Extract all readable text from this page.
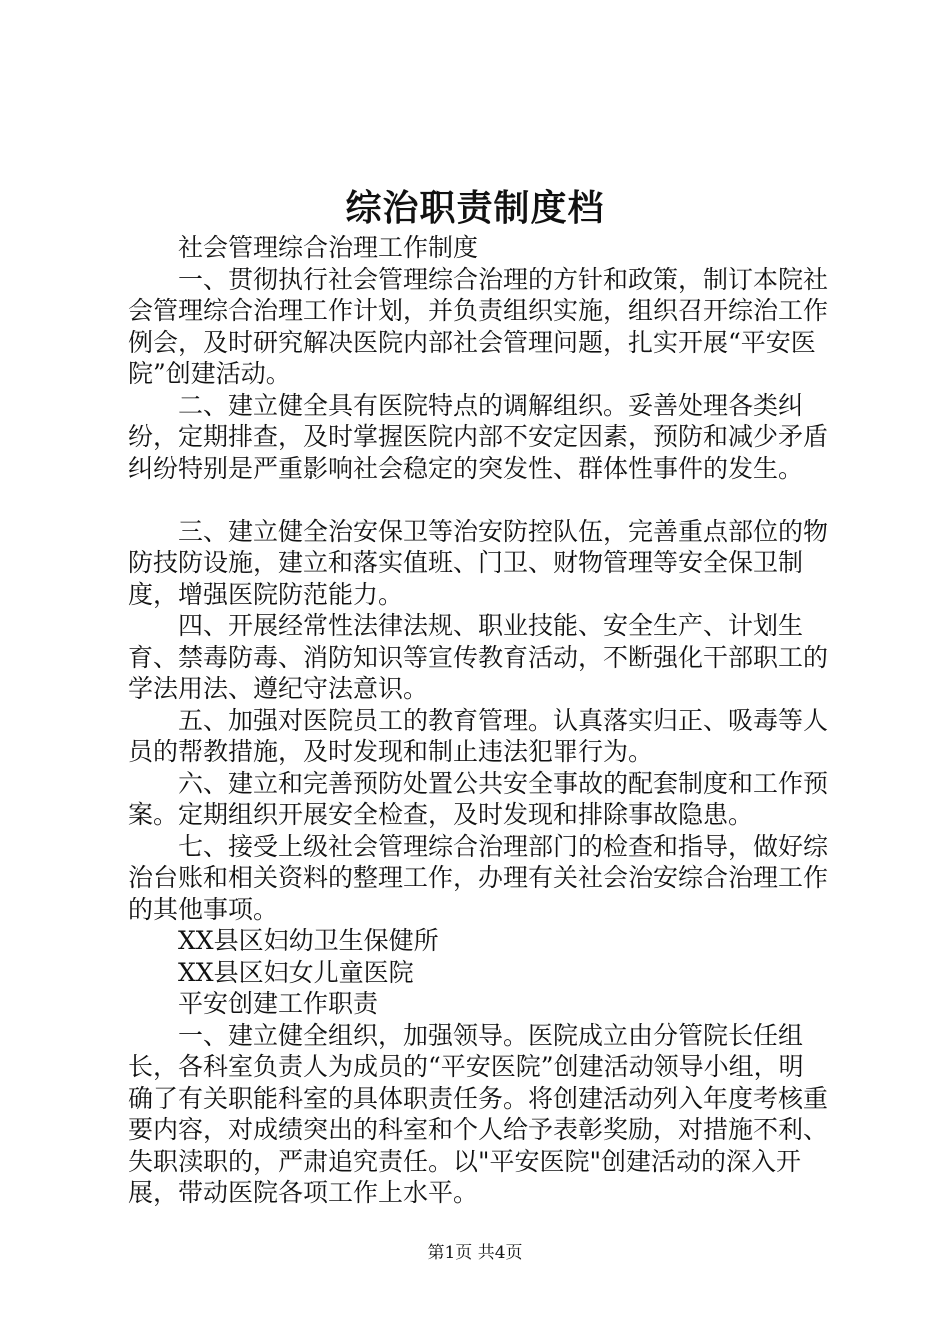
综治职责制度档

社会管理综合治理工作制度

一、贯彻执行社会管理综合治理的方针和政策，制订本院社会管理综合治理工作计划，并负责组织实施，组织召开综治工作例会，及时研究解决医院内部社会管理问题，扎实开展“平安医院”创建活动。

二、建立健全具有医院特点的调解组织。妥善处理各类纠纷，定期排查，及时掌握医院内部不安定因素，预防和减少矛盾纠纷特别是严重影响社会稳定的突发性、群体性事件的发生。

三、建立健全治安保卫等治安防控队伍，完善重点部位的物防技防设施，建立和落实值班、门卫、财物管理等安全保卫制度，增强医院防范能力。

四、开展经常性法律法规、职业技能、安全生产、计划生育、禁毒防毒、消防知识等宣传教育活动，不断强化干部职工的学法用法、遵纪守法意识。

五、加强对医院员工的教育管理。认真落实归正、吸毒等人员的帮教措施，及时发现和制止违法犯罪行为。

六、建立和完善预防处置公共安全事故的配套制度和工作预案。定期组织开展安全检查，及时发现和排除事故隐患。

七、接受上级社会管理综合治理部门的检查和指导，做好综治台账和相关资料的整理工作，办理有关社会治安综合治理工作的其他事项。

XX县区妇幼卫生保健所

XX县区妇女儿童医院

平安创建工作职责

一、建立健全组织，加强领导。医院成立由分管院长任组长，各科室负责人为成员的“平安医院”创建活动领导小组，明确了有关职能科室的具体职责任务。将创建活动列入年度考核重要内容，对成绩突出的科室和个人给予表彰奖励，对措施不利、失职渎职的，严肃追究责任。以"平安医院"创建活动的深入开展，带动医院各项工作上水平。

第1页 共4页
